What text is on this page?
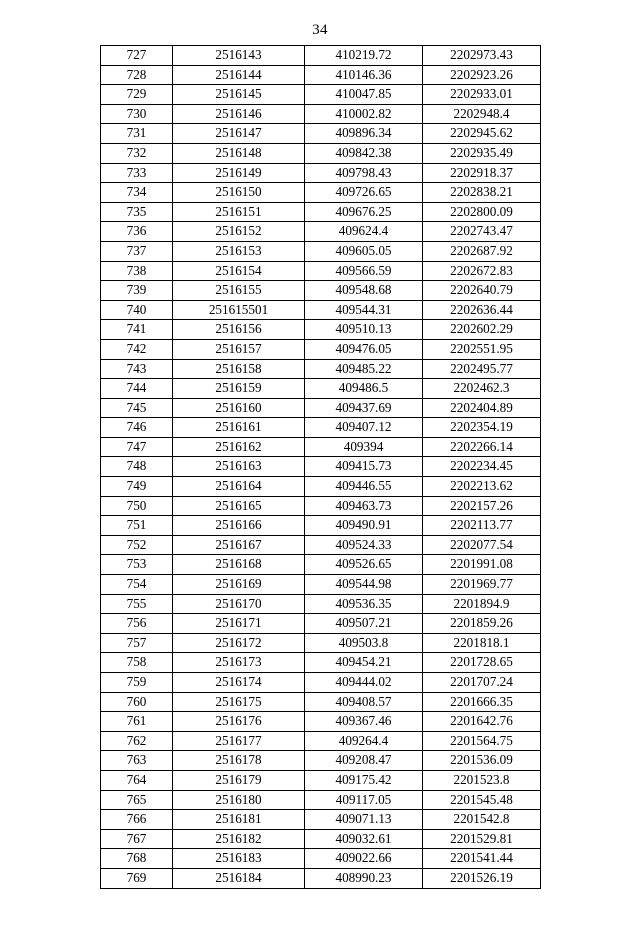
34
727	2516143	410219.72	2202973.43
728	2516144	410146.36	2202923.26
729	2516145	410047.85	2202933.01
730	2516146	410002.82	2202948.4
731	2516147	409896.34	2202945.62
732	2516148	409842.38	2202935.49
733	2516149	409798.43	2202918.37
734	2516150	409726.65	2202838.21
735	2516151	409676.25	2202800.09
736	2516152	409624.4	2202743.47
737	2516153	409605.05	2202687.92
738	2516154	409566.59	2202672.83
739	2516155	409548.68	2202640.79
740	251615501	409544.31	2202636.44
741	2516156	409510.13	2202602.29
742	2516157	409476.05	2202551.95
743	2516158	409485.22	2202495.77
744	2516159	409486.5	2202462.3
745	2516160	409437.69	2202404.89
746	2516161	409407.12	2202354.19
747	2516162	409394	2202266.14
748	2516163	409415.73	2202234.45
749	2516164	409446.55	2202213.62
750	2516165	409463.73	2202157.26
751	2516166	409490.91	2202113.77
752	2516167	409524.33	2202077.54
753	2516168	409526.65	2201991.08
754	2516169	409544.98	2201969.77
755	2516170	409536.35	2201894.9
756	2516171	409507.21	2201859.26
757	2516172	409503.8	2201818.1
758	2516173	409454.21	2201728.65
759	2516174	409444.02	2201707.24
760	2516175	409408.57	2201666.35
761	2516176	409367.46	2201642.76
762	2516177	409264.4	2201564.75
763	2516178	409208.47	2201536.09
764	2516179	409175.42	2201523.8
765	2516180	409117.05	2201545.48
766	2516181	409071.13	2201542.8
767	2516182	409032.61	2201529.81
768	2516183	409022.66	2201541.44
769	2516184	408990.23	2201526.19
